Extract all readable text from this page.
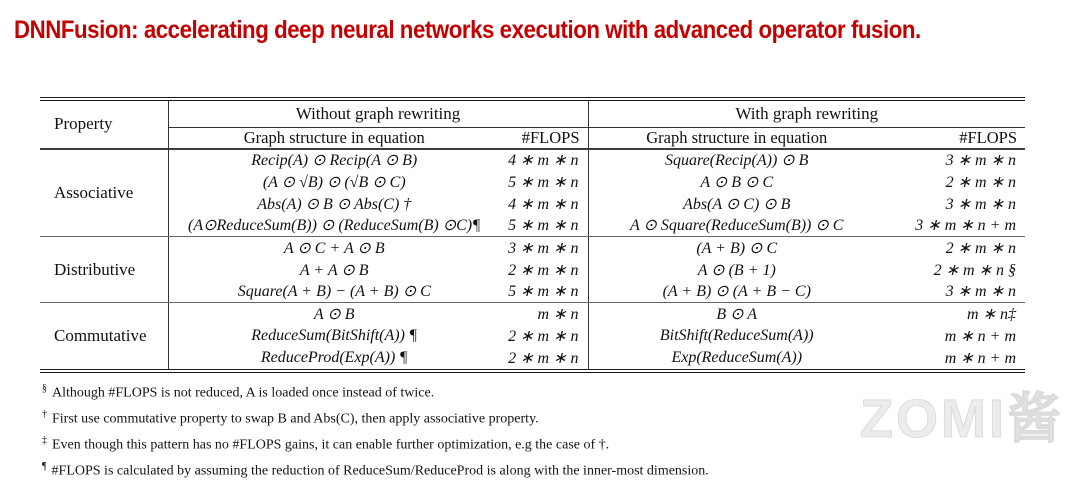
DNNFusion: accelerating deep neural networks execution with advanced operator fusion.
Property	Without graph rewriting		With graph rewriting	
	Graph structure in equation	#FLOPS	Graph structure in equation	#FLOPS
Associative	Recip(A) ⊙ Recip(A ⊙ B)	4 ∗ m ∗ n	Square(Recip(A)) ⊙ B	3 ∗ m ∗ n
	(A ⊙ √B) ⊙ (√B ⊙ C)	5 ∗ m ∗ n	A ⊙ B ⊙ C	2 ∗ m ∗ n
	Abs(A) ⊙ B ⊙ Abs(C) †	4 ∗ m ∗ n	Abs(A ⊙ C) ⊙ B	3 ∗ m ∗ n
	(A⊙ReduceSum(B)) ⊙ (ReduceSum(B) ⊙C)¶	5 ∗ m ∗ n	A ⊙ Square(ReduceSum(B)) ⊙ C	3 ∗ m ∗ n + m
Distributive	A ⊙ C + A ⊙ B	3 ∗ m ∗ n	(A + B) ⊙ C	2 ∗ m ∗ n
	A + A ⊙ B	2 ∗ m ∗ n	A ⊙ (B + 1)	2 ∗ m ∗ n §
	Square(A + B) − (A + B) ⊙ C	5 ∗ m ∗ n	(A + B) ⊙ (A + B − C)	3 ∗ m ∗ n
Commutative	A ⊙ B	m ∗ n	B ⊙ A	m ∗ n‡
	ReduceSum(BitShift(A)) ¶	2 ∗ m ∗ n	BitShift(ReduceSum(A))	m ∗ n + m
	ReduceProd(Exp(A)) ¶	2 ∗ m ∗ n	Exp(ReduceSum(A))	m ∗ n + m
§ Although #FLOPS is not reduced, A is loaded once instead of twice.
† First use commutative property to swap B and Abs(C), then apply associative property.
‡ Even though this pattern has no #FLOPS gains, it can enable further optimization, e.g the case of †.
¶ #FLOPS is calculated by assuming the reduction of ReduceSum/ReduceProd is along with the inner-most dimension.
ZOMI酱
